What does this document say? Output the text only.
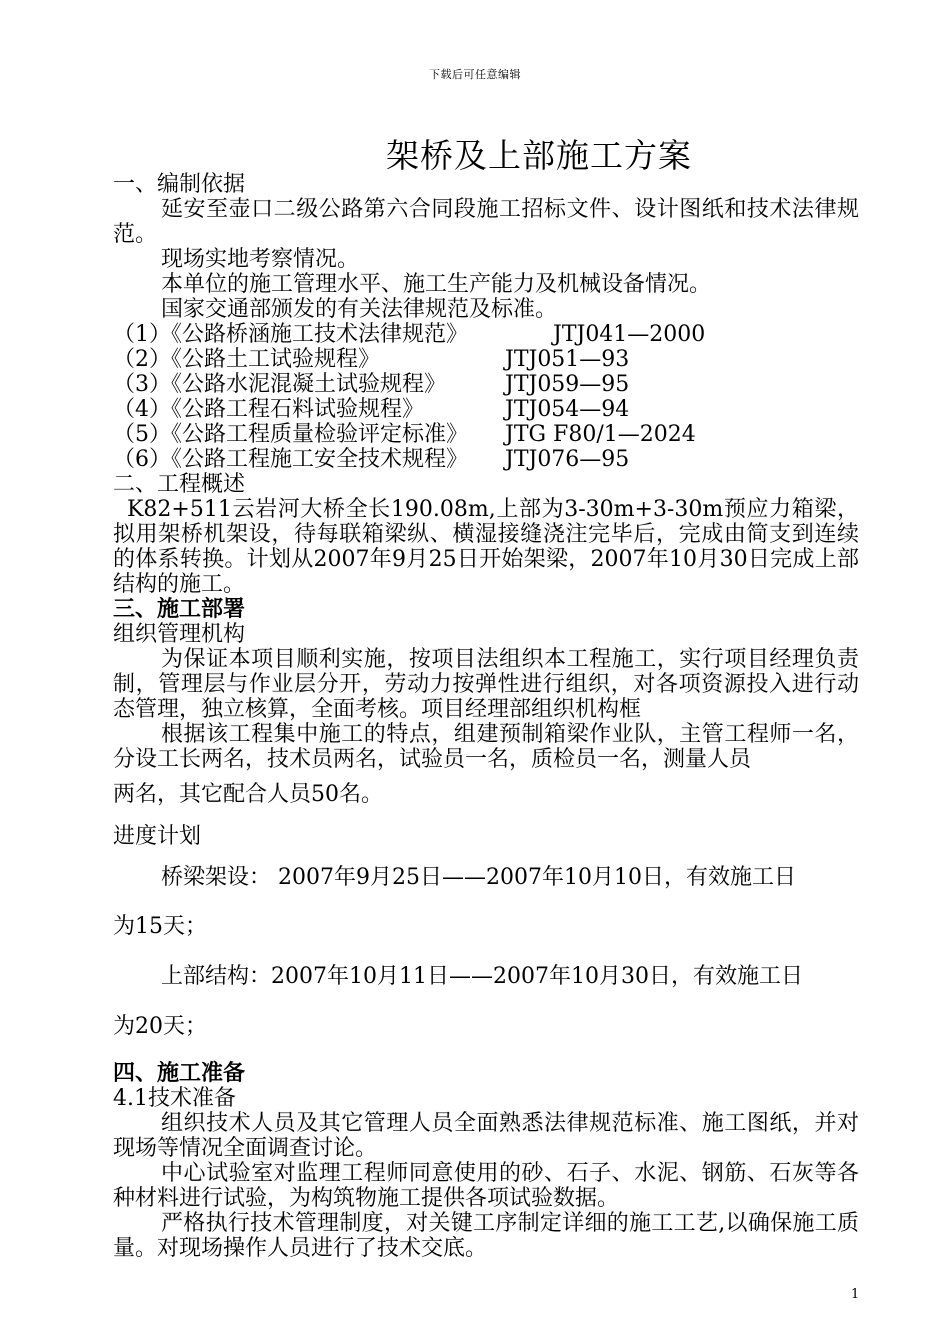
下载后可任意编辑
架桥及上部施工方案
一、编制依据
延安至壶口二级公路第六合同段施工招标文件、设计图纸和技术法律规范。
现场实地考察情况。
本单位的施工管理水平、施工生产能力及机械设备情况。
国家交通部颁发的有关法律规范及标准。
（1）《公路桥涵施工技术法律规范》	JTJ041—2000
（2）《公路土工试验规程》	JTJ051—93
（3）《公路水泥混凝土试验规程》	JTJ059—95
（4）《公路工程石料试验规程》	JTJ054—94
（5）《公路工程质量检验评定标准》	JTG F80/1—2024
（6）《公路工程施工安全技术规程》	JTJ076—95
二、工程概述
K82+511云岩河大桥全长190.08m,上部为3-30m+3-30m预应力箱梁，拟用架桥机架设，待每联箱梁纵、横湿接缝浇注完毕后，完成由简支到连续的体系转换。计划从2007年9月25日开始架梁，2007年10月30日完成上部结构的施工。
三、施工部署
组织管理机构
为保证本项目顺利实施，按项目法组织本工程施工，实行项目经理负责制，管理层与作业层分开，劳动力按弹性进行组织，对各项资源投入进行动态管理，独立核算，全面考核。项目经理部组织机构框
根据该工程集中施工的特点，组建预制箱梁作业队，主管工程师一名，分设工长两名，技术员两名，试验员一名，质检员一名，测量人员
两名，其它配合人员50名。
进度计划
桥梁架设： 2007年9月25日——2007年10月10日，有效施工日
为15天；
上部结构：2007年10月11日——2007年10月30日，有效施工日
为20天；
四、施工准备
4.1技术准备
组织技术人员及其它管理人员全面熟悉法律规范标准、施工图纸，并对现场等情况全面调查讨论。
中心试验室对监理工程师同意使用的砂、石子、水泥、钢筋、石灰等各种材料进行试验，为构筑物施工提供各项试验数据。
严格执行技术管理制度，对关键工序制定详细的施工工艺,以确保施工质量。对现场操作人员进行了技术交底。
1
